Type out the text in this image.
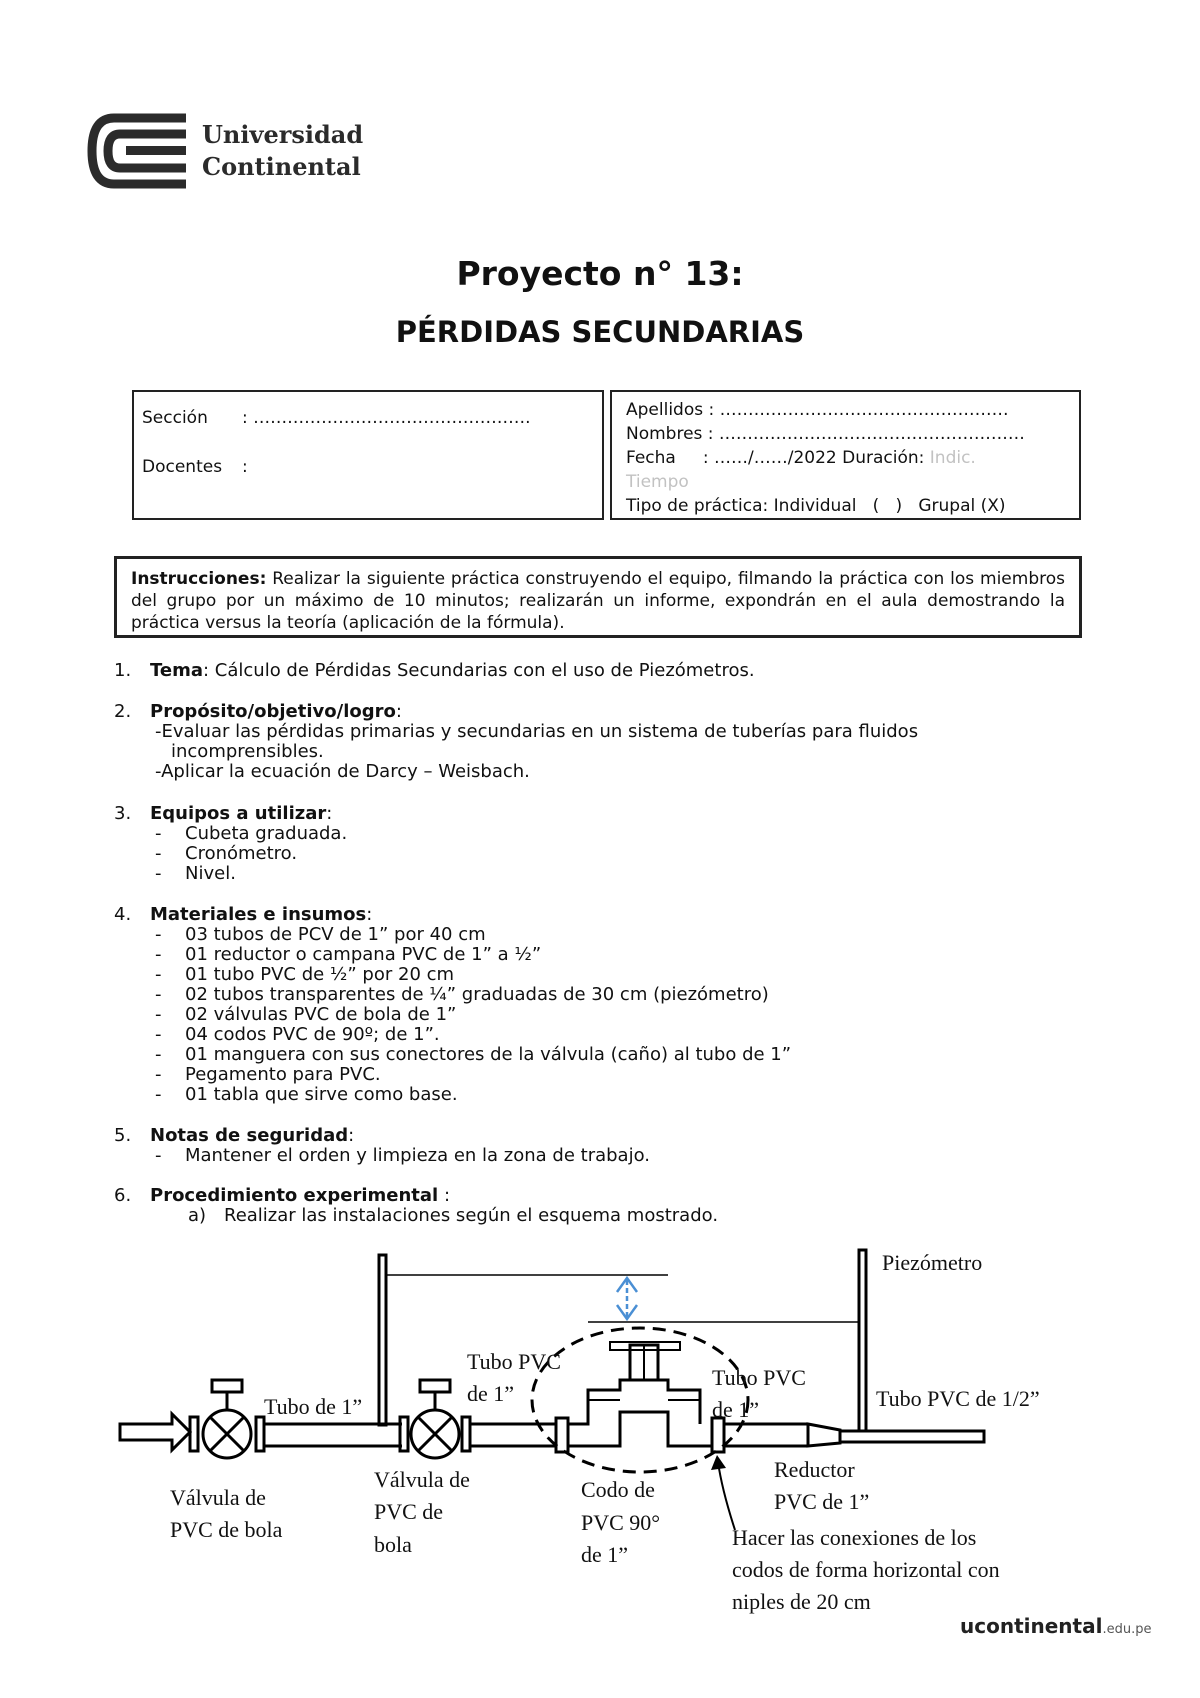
Universidad
Continental
Proyecto n° 13:
PÉRDIDAS SECUNDARIAS
Sección : ………………………………………….
Docentes :
Apellidos : ……………………………………………
Nombres : ………………………………………………
Fecha     : ……/……/2022 Duración: Indic.
Tiempo
Tipo de práctica: Individual   (   )   Grupal (X)
Instrucciones: Realizar la siguiente práctica construyendo el equipo, filmando la práctica con los miembros del grupo por un máximo de 10 minutos; realizarán un informe, expondrán en el aula demostrando la práctica versus la teoría (aplicación de la fórmula).
1. Tema: Cálculo de Pérdidas Secundarias con el uso de Piezómetros.
2. Propósito/objetivo/logro:
-Evaluar las pérdidas primarias y secundarias en un sistema de tuberías para fluidos incomprensibles.
-Aplicar la ecuación de Darcy – Weisbach.
3. Equipos a utilizar:
- Cubeta graduada.
- Cronómetro.
- Nivel.
4. Materiales e insumos:
- 03 tubos de PCV de 1” por 40 cm
- 01 reductor o campana PVC de 1” a ½”
- 01 tubo PVC de ½” por 20 cm
- 02 tubos transparentes de ¼” graduadas de 30 cm (piezómetro)
- 02 válvulas PVC de bola de 1”
- 04 codos PVC de 90º; de 1”.
- 01 manguera con sus conectores de la válvula (caño) al tubo de 1”
- Pegamento para PVC.
- 01 tabla que sirve como base.
5. Notas de seguridad:
- Mantener el orden y limpieza en la zona de trabajo.
6. Procedimiento experimental :
a) Realizar las instalaciones según el esquema mostrado.
Piezómetro
Tubo de 1”
Tubo PVC
de 1”
Tubo PVC
de 1”	Tubo PVC de 1/2”
Válvula de
PVC de bola
Válvula de
PVC de
bola
Codo de
PVC 90°
de 1”
Reductor
PVC de 1”
Hacer las conexiones de los
codos de forma horizontal con
niples de 20 cm
ucontinental.edu.pe
